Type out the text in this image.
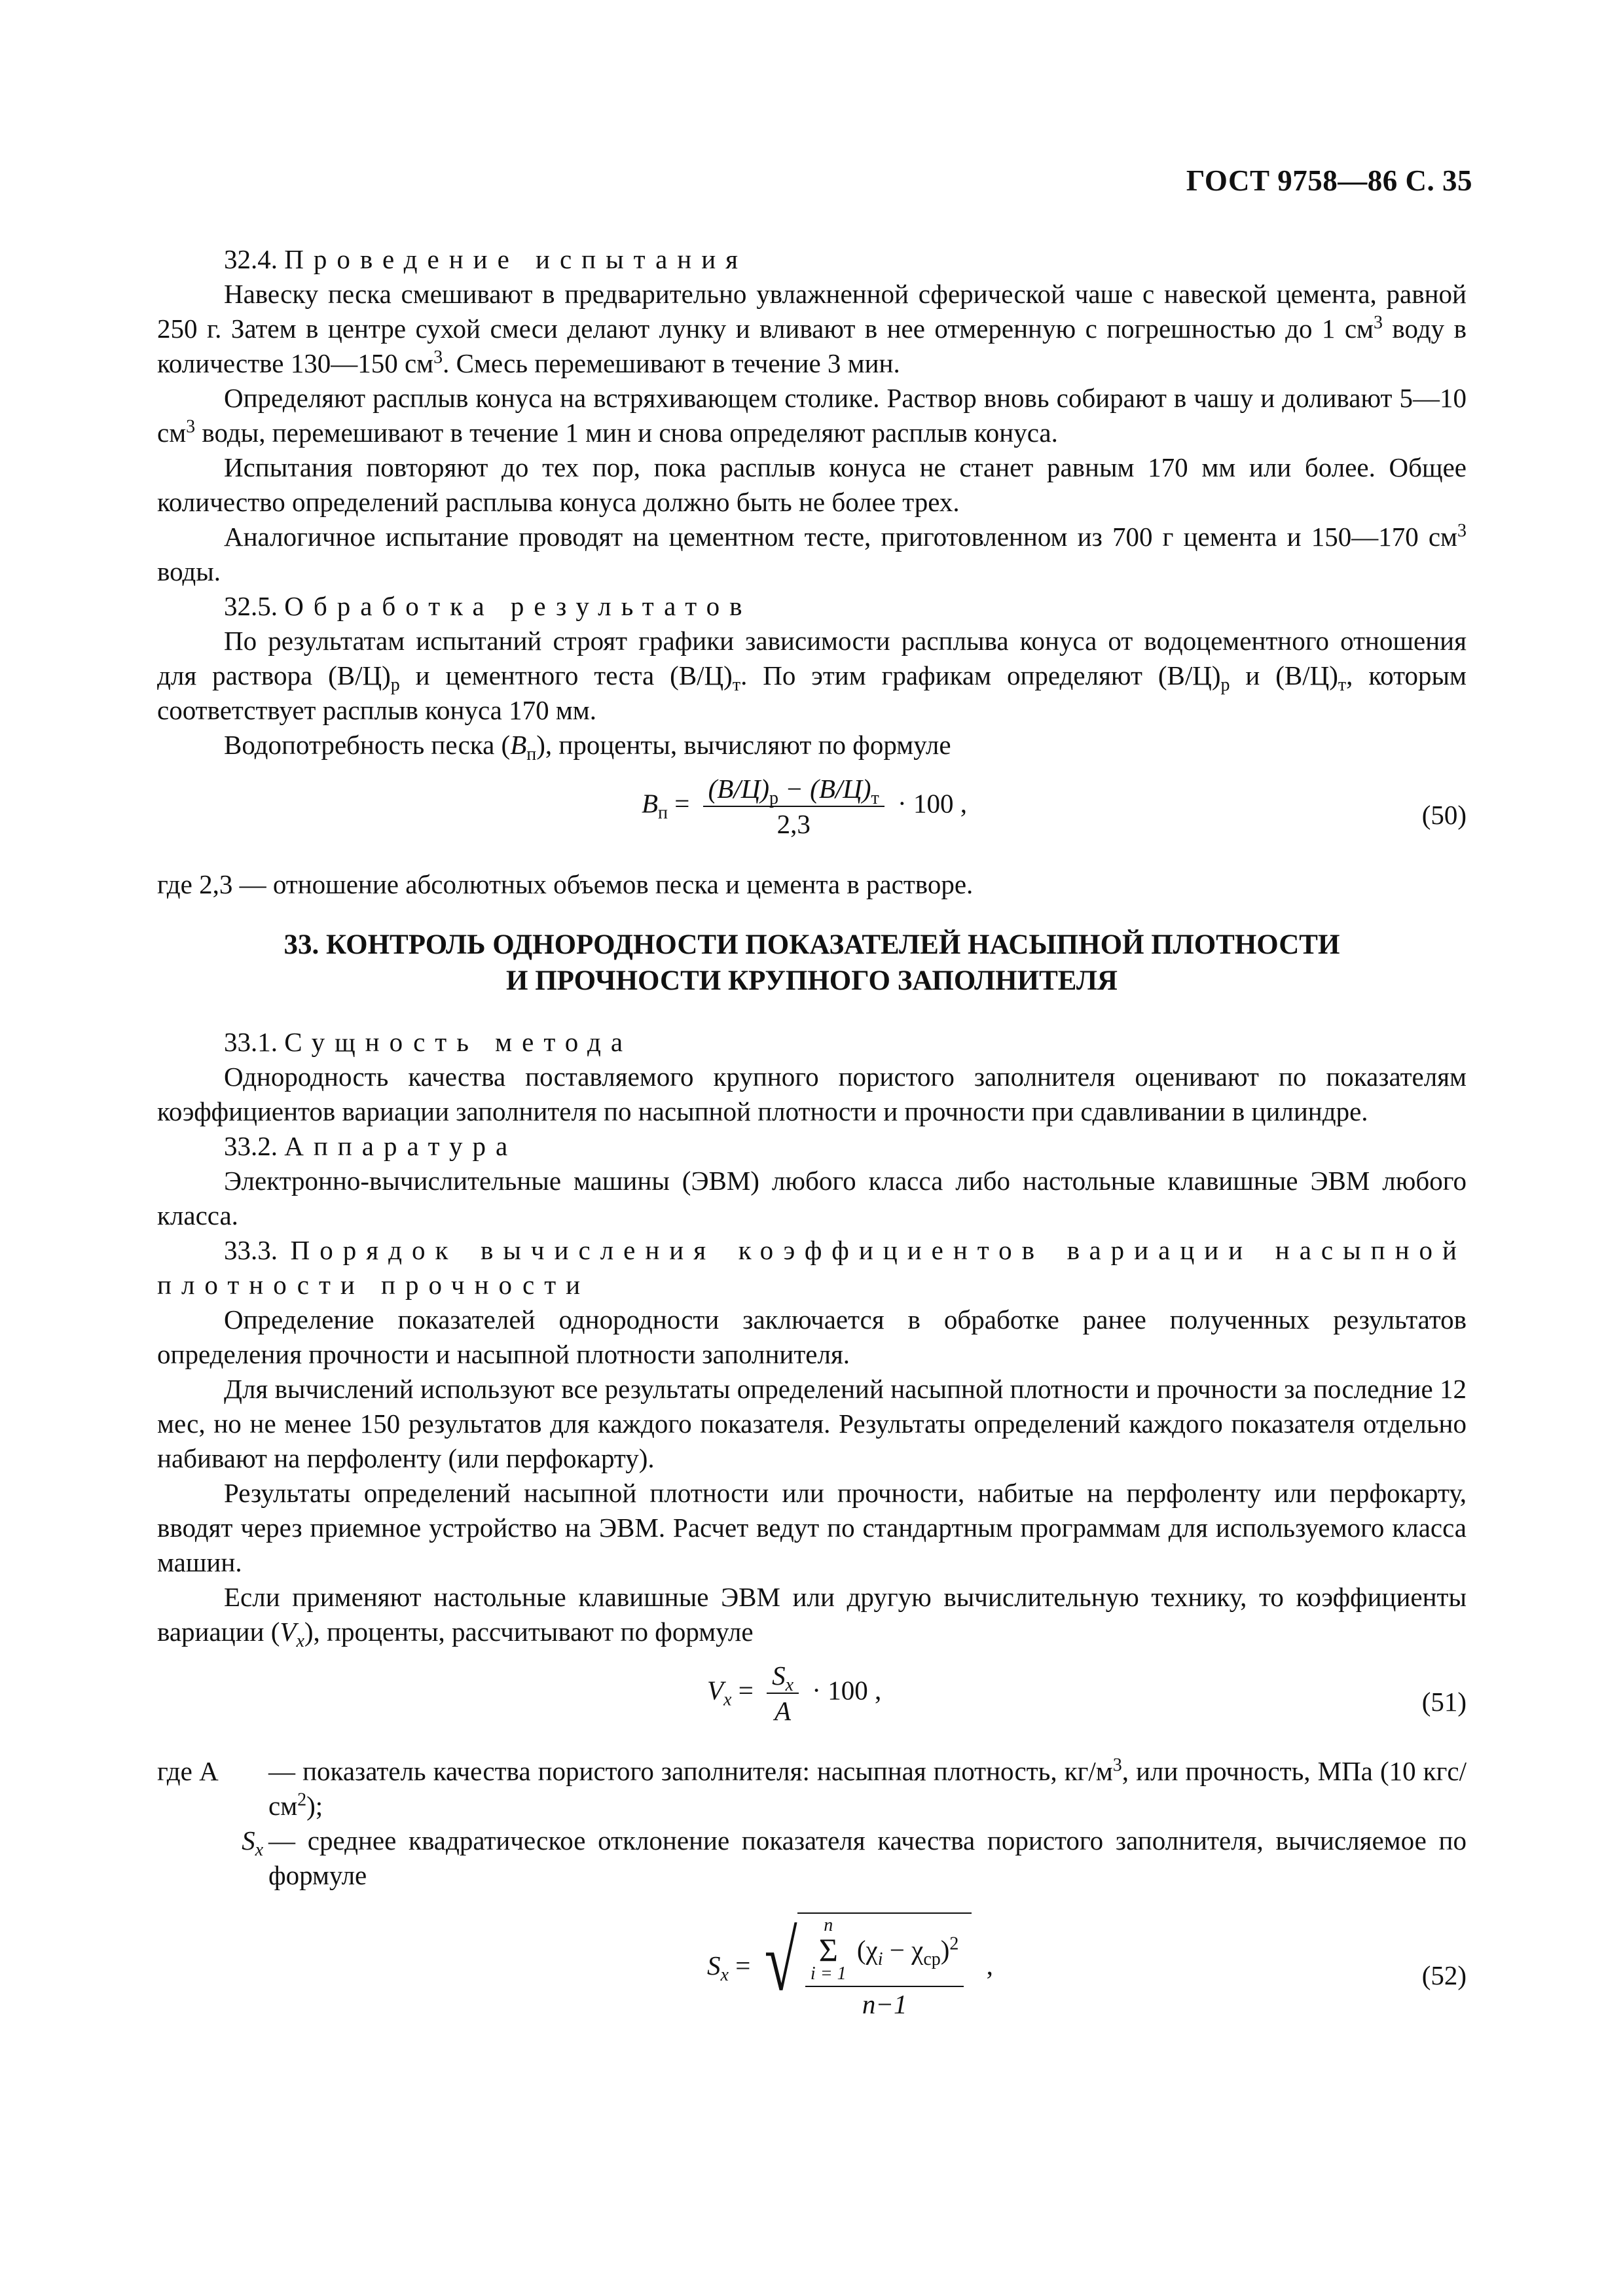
ГОСТ 9758—86 С. 35

32.4. Проведение испытания

Навеску песка смешивают в предварительно увлажненной сферической чаше с навеской цемента, равной 250 г. Затем в центре сухой смеси делают лунку и вливают в нее отмеренную с погрешностью до 1 $см^3$ воду в количестве 130—150 $см^3$. Смесь перемешивают в течение 3 мин.

Определяют расплыв конуса на встряхивающем столике. Раствор вновь собирают в чашу и доливают 5—10 $см^3$ воды, перемешивают в течение 1 мин и снова определяют расплыв конуса.

Испытания повторяют до тех пор, пока расплыв конуса не станет равным 170 мм или более. Общее количество определений расплыва конуса должно быть не более трех.

Аналогичное испытание проводят на цементном тесте, приготовленном из 700 г цемента и 150—170 $см^3$ воды.

32.5. Обработка результатов

По результатам испытаний строят графики зависимости расплыва конуса от водоцементного отношения для раствора $(В/Ц)_р$ и цементного теста $(В/Ц)_т$. По этим графикам определяют $(В/Ц)_р$ и $(В/Ц)_т$, которым соответствует расплыв конуса 170 мм.

Водопотребность песка $(В_п)$, проценты, вычисляют по формуле

$В_п = \frac{(В/Ц)_р - (В/Ц)_т}{2,3} \cdot 100$ ,	(50)

где 2,3 — отношение абсолютных объемов песка и цемента в растворе.

33. КОНТРОЛЬ ОДНОРОДНОСТИ ПОКАЗАТЕЛЕЙ НАСЫПНОЙ ПЛОТНОСТИ
И ПРОЧНОСТИ КРУПНОГО ЗАПОЛНИТЕЛЯ

33.1. Сущность метода

Однородность качества поставляемого крупного пористого заполнителя оценивают по показателям коэффициентов вариации заполнителя по насыпной плотности и прочности при сдавливании в цилиндре.

33.2. Аппаратура

Электронно-вычислительные машины (ЭВМ) любого класса либо настольные клавишные ЭВМ любого класса.

33.3. Порядок вычисления коэффициентов вариации насыпной плотности прочности

Определение показателей однородности заключается в обработке ранее полученных результатов определения прочности и насыпной плотности заполнителя.

Для вычислений используют все результаты определений насыпной плотности и прочности за последние 12 мес, но не менее 150 результатов для каждого показателя. Результаты определений каждого показателя отдельно набивают на перфоленту (или перфокарту).

Результаты определений насыпной плотности или прочности, набитые на перфоленту или перфокарту, вводят через приемное устройство на ЭВМ. Расчет ведут по стандартным программам для используемого класса машин.

Если применяют настольные клавишные ЭВМ или другую вычислительную технику, то коэффициенты вариации $(V_x)$, проценты, рассчитывают по формуле

$V_x = \frac{S_x}{A} \cdot 100$ ,	(51)
где A	— показатель качества пористого заполнителя: насыпная плотность, $кг/м^3$, или прочность, МПа (10 кгс/$см^2$);
$S_x$ — среднее квадратическое отклонение показателя качества пористого заполнителя, вычисляемое по формуле
$S_x$ = √ n
Σ
i = 1
$(\chi_i - \chi_{ср})^2$
n−1 ,	(52)
